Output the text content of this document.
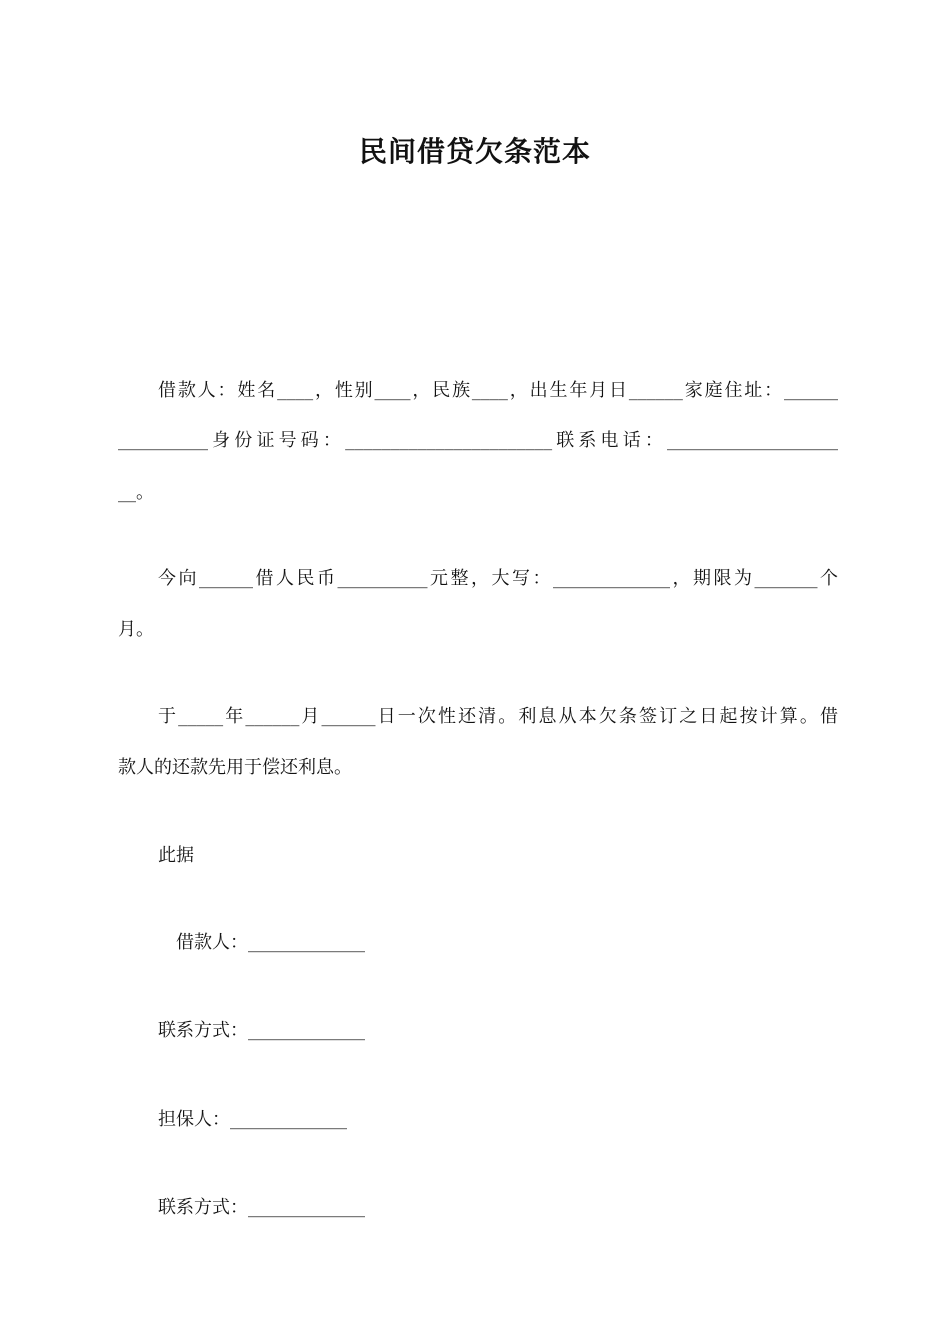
民间借贷欠条范本
借款人：姓名____，性别____，民族____，出生年月日______家庭住址：______
__________身份证号码：_______________________联系电话：___________________
__。
今向______借人民币__________元整，大写：_____________，期限为_______个
月。
于_____年______月______日一次性还清。利息从本欠条签订之日起按计算。借
款人的还款先用于偿还利息。
此据
借款人：_____________
联系方式：_____________
担保人：_____________
联系方式：_____________
